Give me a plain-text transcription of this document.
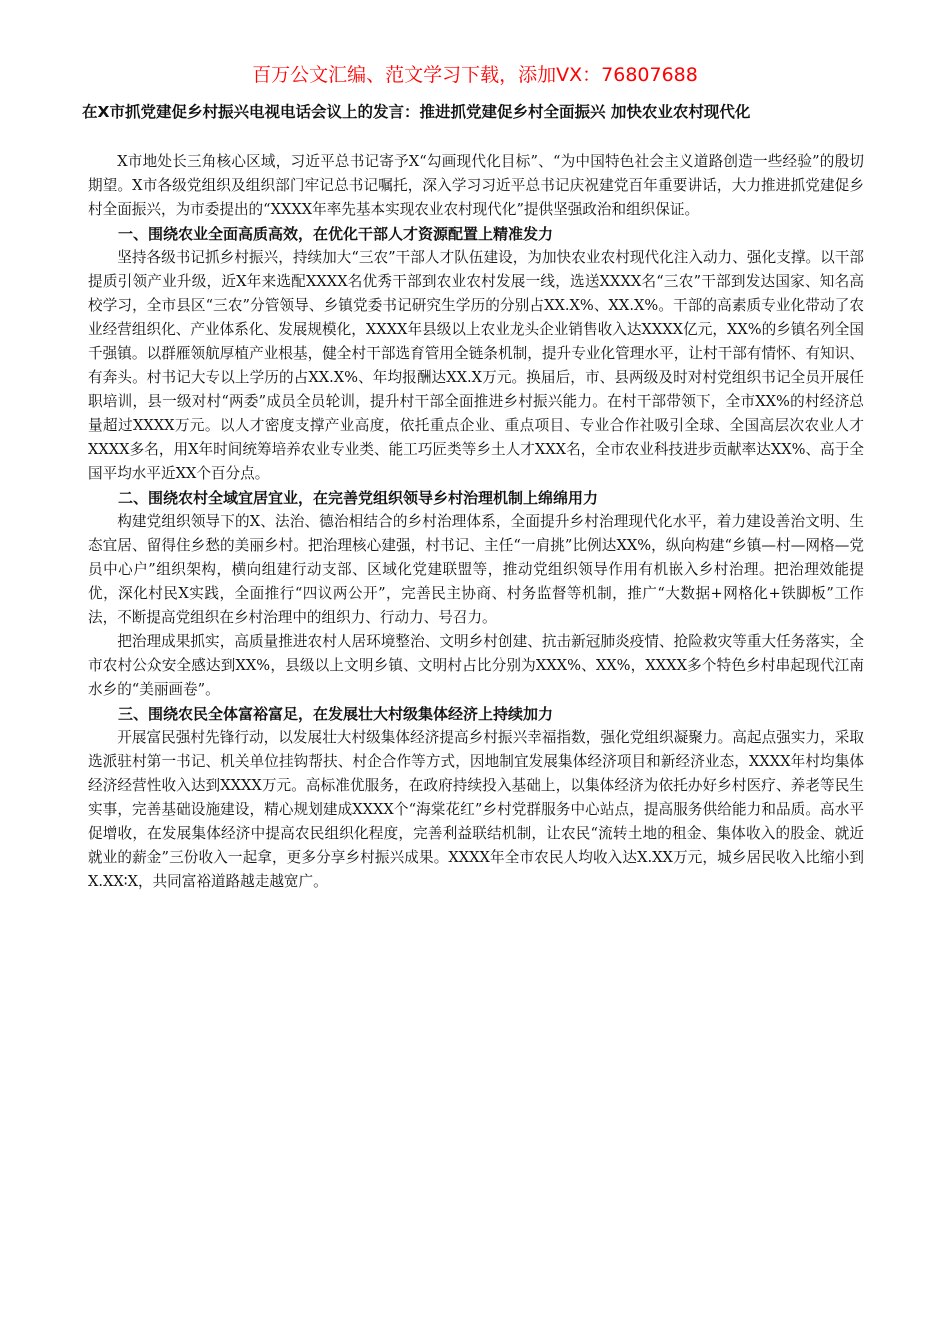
百万公文汇编、范文学习下载，添加VX：76807688
在X市抓党建促乡村振兴电视电话会议上的发言：推进抓党建促乡村全面振兴 加快农业农村现代化

X市地处长三角核心区域，习近平总书记寄予X“勾画现代化目标”、“为中国特色社会主义道路创造一些经验”的殷切期望。X市各级党组织及组织部门牢记总书记嘱托，深入学习习近平总书记庆祝建党百年重要讲话，大力推进抓党建促乡村全面振兴，为市委提出的“XXXX年率先基本实现农业农村现代化”提供坚强政治和组织保证。

一、围绕农业全面高质高效，在优化干部人才资源配置上精准发力

坚持各级书记抓乡村振兴，持续加大“三农”干部人才队伍建设，为加快农业农村现代化注入动力、强化支撑。以干部提质引领产业升级，近X年来选配XXXX名优秀干部到农业农村发展一线，选送XXXX名“三农”干部到发达国家、知名高校学习，全市县区“三农”分管领导、乡镇党委书记研究生学历的分别占XX.X%、XX.X%。干部的高素质专业化带动了农业经营组织化、产业体系化、发展规模化，XXXX年县级以上农业龙头企业销售收入达XXXX亿元，XX%的乡镇名列全国千强镇。以群雁领航厚植产业根基，健全村干部选育管用全链条机制，提升专业化管理水平，让村干部有情怀、有知识、有奔头。村书记大专以上学历的占XX.X%、年均报酬达XX.X万元。换届后，市、县两级及时对村党组织书记全员开展任职培训，县一级对村“两委”成员全员轮训，提升村干部全面推进乡村振兴能力。在村干部带领下，全市XX%的村经济总量超过XXXX万元。以人才密度支撑产业高度，依托重点企业、重点项目、专业合作社吸引全球、全国高层次农业人才XXXX多名，用X年时间统筹培养农业专业类、能工巧匠类等乡土人才XXX名，全市农业科技进步贡献率达XX%、高于全国平均水平近XX个百分点。

二、围绕农村全域宜居宜业，在完善党组织领导乡村治理机制上绵绵用力

构建党组织领导下的X、法治、德治相结合的乡村治理体系，全面提升乡村治理现代化水平，着力建设善治文明、生态宜居、留得住乡愁的美丽乡村。把治理核心建强，村书记、主任“一肩挑”比例达XX%，纵向构建“乡镇—村—网格—党员中心户”组织架构，横向组建行动支部、区域化党建联盟等，推动党组织领导作用有机嵌入乡村治理。把治理效能提优，深化村民X实践，全面推行“四议两公开”，完善民主协商、村务监督等机制，推广“大数据+网格化+铁脚板”工作法，不断提高党组织在乡村治理中的组织力、行动力、号召力。

把治理成果抓实，高质量推进农村人居环境整治、文明乡村创建、抗击新冠肺炎疫情、抢险救灾等重大任务落实，全市农村公众安全感达到XX%，县级以上文明乡镇、文明村占比分别为XXX%、XX%，XXXX多个特色乡村串起现代江南水乡的“美丽画卷”。

三、围绕农民全体富裕富足，在发展壮大村级集体经济上持续加力

开展富民强村先锋行动，以发展壮大村级集体经济提高乡村振兴幸福指数，强化党组织凝聚力。高起点强实力，采取选派驻村第一书记、机关单位挂钩帮扶、村企合作等方式，因地制宜发展集体经济项目和新经济业态，XXXX年村均集体经济经营性收入达到XXXX万元。高标准优服务，在政府持续投入基础上，以集体经济为依托办好乡村医疗、养老等民生实事，完善基础设施建设，精心规划建成XXXX个“海棠花红”乡村党群服务中心站点，提高服务供给能力和品质。高水平促增收，在发展集体经济中提高农民组织化程度，完善利益联结机制，让农民“流转土地的租金、集体收入的股金、就近就业的薪金”三份收入一起拿，更多分享乡村振兴成果。XXXX年全市农民人均收入达X.XX万元，城乡居民收入比缩小到X.XX∶X，共同富裕道路越走越宽广。
